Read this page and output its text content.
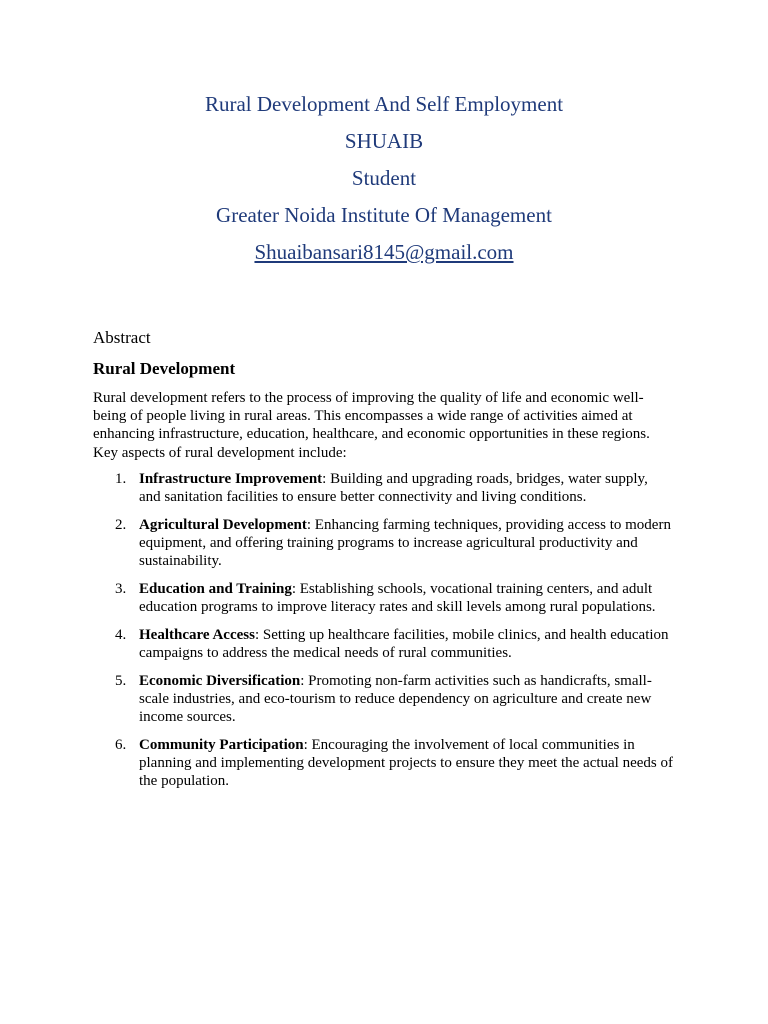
Rural Development And Self Employment
SHUAIB
Student
Greater Noida Institute Of Management
Shuaibansari8145@gmail.com

Abstract

Rural Development

Rural development refers to the process of improving the quality of life and economic well-being of people living in rural areas. This encompasses a wide range of activities aimed at enhancing infrastructure, education, healthcare, and economic opportunities in these regions. Key aspects of rural development include:

1. Infrastructure Improvement: Building and upgrading roads, bridges, water supply, and sanitation facilities to ensure better connectivity and living conditions.
2. Agricultural Development: Enhancing farming techniques, providing access to modern equipment, and offering training programs to increase agricultural productivity and sustainability.
3. Education and Training: Establishing schools, vocational training centers, and adult education programs to improve literacy rates and skill levels among rural populations.
4. Healthcare Access: Setting up healthcare facilities, mobile clinics, and health education campaigns to address the medical needs of rural communities.
5. Economic Diversification: Promoting non-farm activities such as handicrafts, small-scale industries, and eco-tourism to reduce dependency on agriculture and create new income sources.
6. Community Participation: Encouraging the involvement of local communities in planning and implementing development projects to ensure they meet the actual needs of the population.
